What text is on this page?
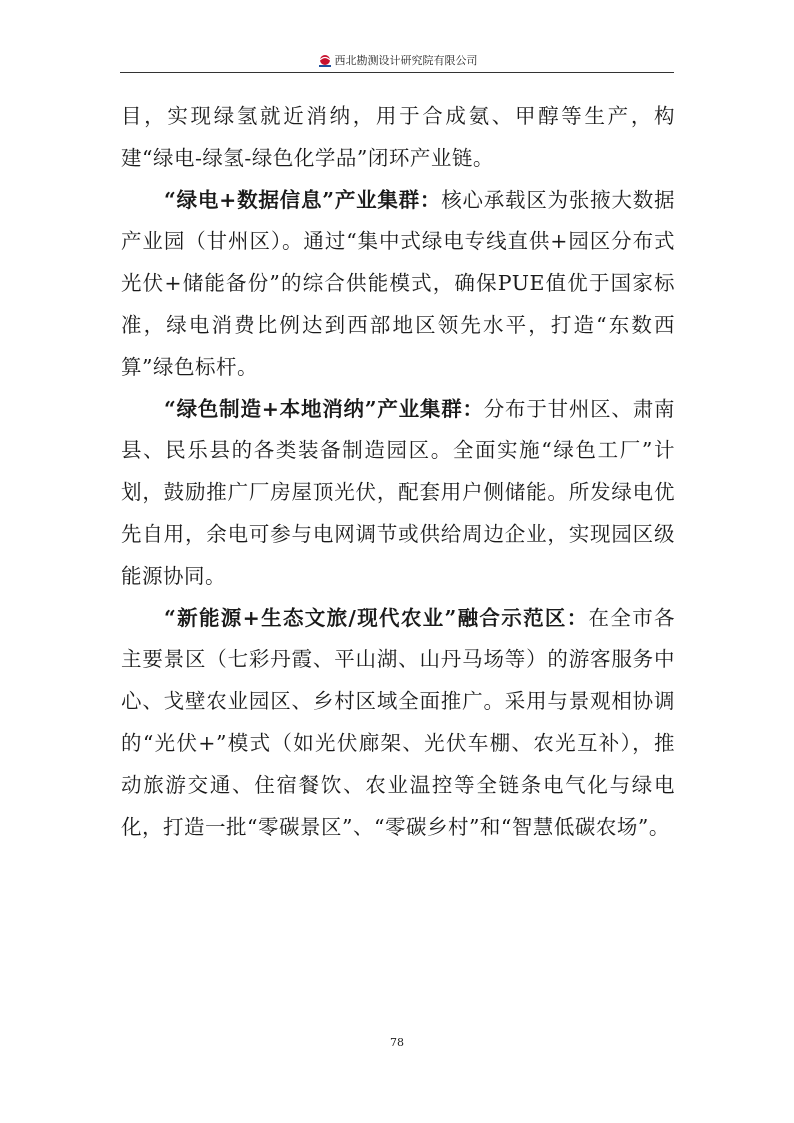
西北勘测设计研究院有限公司

目，实现绿氢就近消纳，用于合成氨、甲醇等生产，构建“绿电-绿氢-绿色化学品”闭环产业链。

“绿电+数据信息”产业集群：核心承载区为张掖大数据产业园（甘州区）。通过“集中式绿电专线直供+园区分布式光伏+储能备份”的综合供能模式，确保PUE值优于国家标准，绿电消费比例达到西部地区领先水平，打造“东数西算”绿色标杆。

“绿色制造+本地消纳”产业集群：分布于甘州区、肃南县、民乐县的各类装备制造园区。全面实施“绿色工厂”计划，鼓励推广厂房屋顶光伏，配套用户侧储能。所发绿电优先自用，余电可参与电网调节或供给周边企业，实现园区级能源协同。

“新能源+生态文旅/现代农业”融合示范区：在全市各主要景区（七彩丹霞、平山湖、山丹马场等）的游客服务中心、戈壁农业园区、乡村区域全面推广。采用与景观相协调的“光伏+”模式（如光伏廊架、光伏车棚、农光互补），推动旅游交通、住宿餐饮、农业温控等全链条电气化与绿电化，打造一批“零碳景区”、“零碳乡村”和“智慧低碳农场”。

78
